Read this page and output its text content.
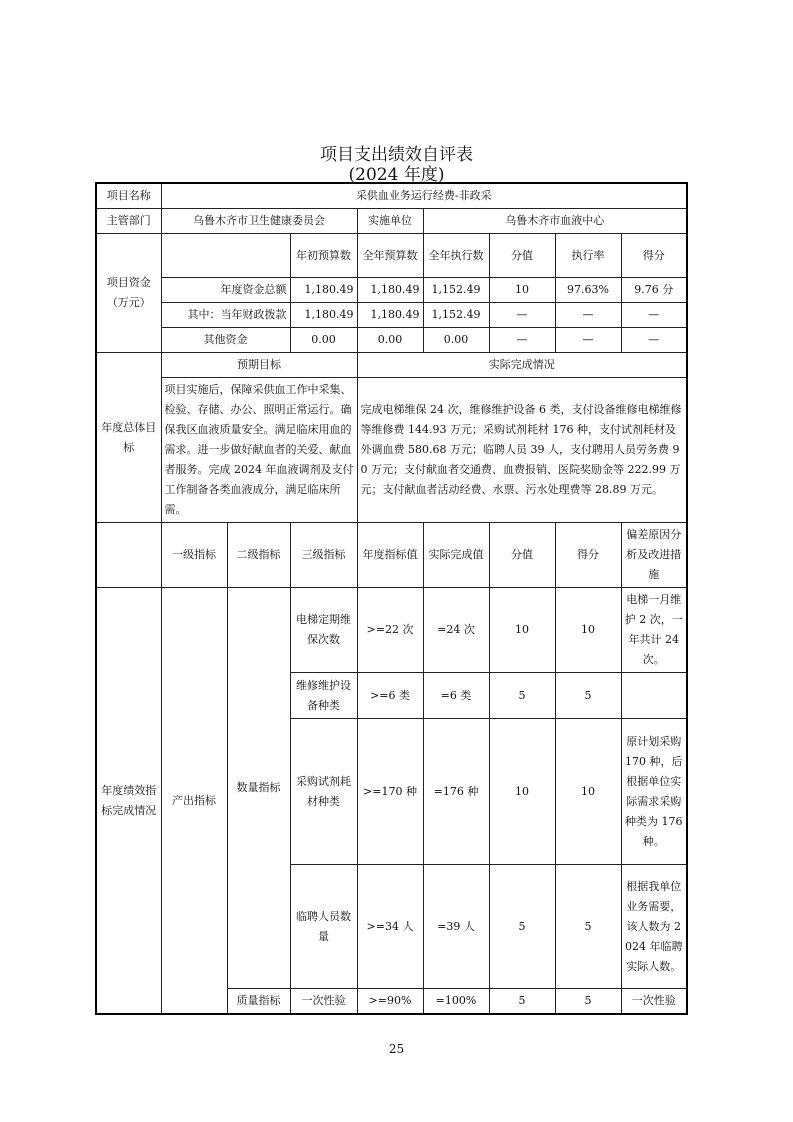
项目支出绩效自评表
(2024 年度)
项目名称	采供血业务运行经费-非政采							
主管部门	乌鲁木齐市卫生健康委员会			实施单位	乌鲁木齐市血液中心			
项目资金（万元）			年初预算数	全年预算数	全年执行数	分值	执行率	得分
	年度资金总额		1,180.49	1,180.49	1,152.49	10	97.63%	9.76 分
	其中：当年财政拨款		1,180.49	1,180.49	1,152.49	—	—	—
	其他资金		0.00	0.00	0.00	—	—	—
年度总体目标	预期目标			实际完成情况				
	项目实施后，保障采供血工作中采集、检验、存储、办公、照明正常运行。确保我区血液质量安全。满足临床用血的需求。进一步做好献血者的关爱、献血者服务。完成 2024 年血液调剂及支付工作制备各类血液成分，满足临床所需。			完成电梯维保 24 次，维修维护设备 6 类，支付设备维修电梯维修等维修费 144.93 万元；采购试剂耗材 176 种，支付试剂耗材及外调血费 580.68 万元；临聘人员 39 人，支付聘用人员劳务费 90 万元；支付献血者交通费、血费报销、医院奖励金等 222.99 万元；支付献血者活动经费、水票、污水处理费等 28.89 万元。				
	一级指标	二级指标	三级指标	年度指标值	实际完成值	分值	得分	偏差原因分析及改进措施
年度绩效指标完成情况	产出指标	数量指标	电梯定期维保次数	>=22 次	=24 次	10	10	电梯一月维护 2 次，一年共计 24 次。
			维修维护设备种类	>=6 类	=6 类	5	5	
			采购试剂耗材种类	>=170 种	=176 种	10	10	原计划采购 170 种，后根据单位实际需求采购种类为 176 种。
			临聘人员数量	>=34 人	=39 人	5	5	根据我单位业务需要，该人数为 2024 年临聘实际人数。
		质量指标	一次性验	>=90%	=100%	5	5	一次性验
25
